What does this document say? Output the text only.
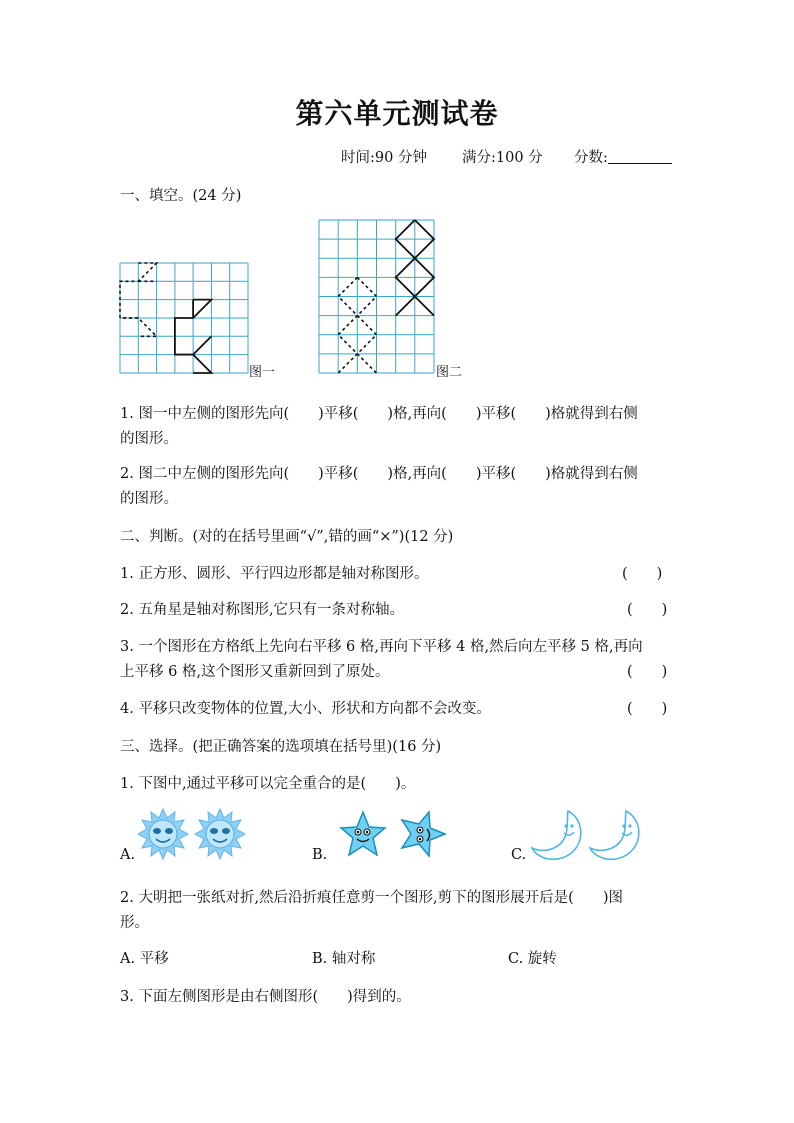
第六单元测试卷
时间:90 分钟 满分:100 分 分数:
一、填空。(24 分)
图一	图二
1. 图一中左侧的图形先向(　　)平移(　　)格,再向(　　)平移(　　)格就得到右侧
的图形。
2. 图二中左侧的图形先向(　　)平移(　　)格,再向(　　)平移(　　)格就得到右侧
的图形。
二、判断。(对的在括号里画“√”,错的画“×”)(12 分)
1. 正方形、圆形、平行四边形都是轴对称图形。	(　　)
2. 五角星是轴对称图形,它只有一条对称轴。	(　　)
3. 一个图形在方格纸上先向右平移 6 格,再向下平移 4 格,然后向左平移 5 格,再向
上平移 6 格,这个图形又重新回到了原处。	(　　)
4. 平移只改变物体的位置,大小、形状和方向都不会改变。	(　　)
三、选择。(把正确答案的选项填在括号里)(16 分)
1. 下图中,通过平移可以完全重合的是(　　)。
A.	B.	C.
2. 大明把一张纸对折,然后沿折痕任意剪一个图形,剪下的图形展开后是(　　)图
形。
A. 平移	B. 轴对称	C. 旋转
3. 下面左侧图形是由右侧图形(　　)得到的。
